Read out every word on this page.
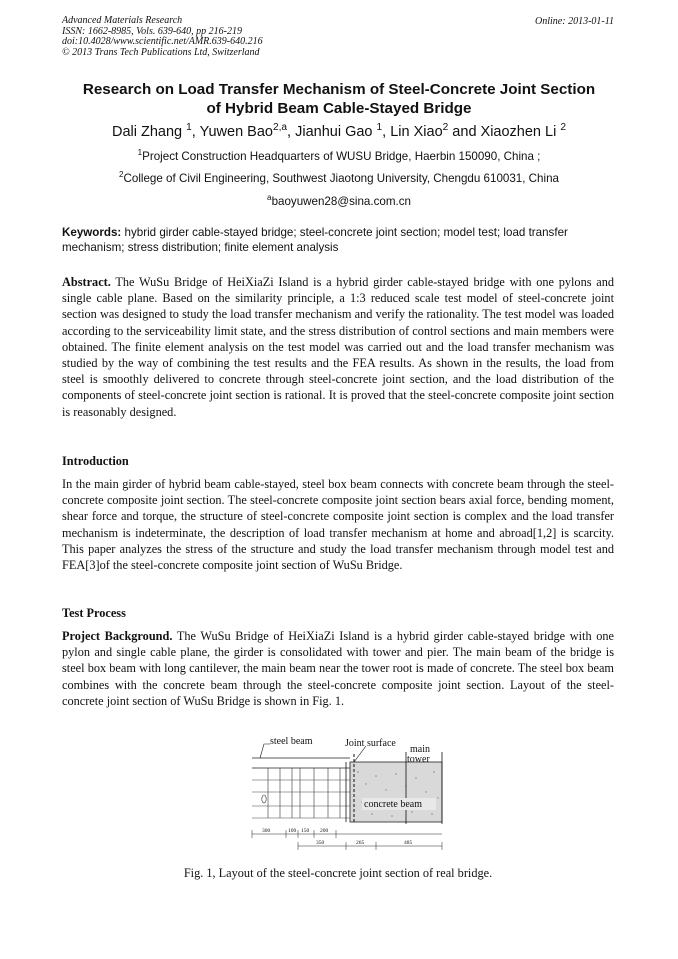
Advanced Materials Research
ISSN: 1662-8985, Vols. 639-640, pp 216-219
doi:10.4028/www.scientific.net/AMR.639-640.216
© 2013 Trans Tech Publications Ltd, Switzerland
Online: 2013-01-11
Research on Load Transfer Mechanism of Steel-Concrete Joint Section
of Hybrid Beam Cable-Stayed Bridge
Dali Zhang $^1$, Yuwen Bao$^{2,a}$, Jianhui Gao $^1$, Lin Xiao$^2$ and Xiaozhen Li $^2$
$^1$Project Construction Headquarters of WUSU Bridge, Haerbin 150090, China ;
$^2$College of Civil Engineering, Southwest Jiaotong University, Chengdu 610031, China
$^a$baoyuwen28@sina.com.cn
Keywords: hybrid girder cable-stayed bridge; steel-concrete joint section; model test; load transfer mechanism; stress distribution; finite element analysis
Abstract. The WuSu Bridge of HeiXiaZi Island is a hybrid girder cable-stayed bridge with one pylons and single cable plane. Based on the similarity principle, a 1:3 reduced scale test model of steel-concrete joint section was designed to study the load transfer mechanism and verify the rationality. The test model was loaded according to the serviceability limit state, and the stress distribution of control sections and main members were obtained. The finite element analysis on the test model was carried out and the load transfer mechanism was studied by the way of combining the test results and the FEA results. As shown in the results, the load from steel is smoothly delivered to concrete through steel-concrete joint section, and the load distribution of the components of steel-concrete joint section is rational. It is proved that the steel-concrete composite joint section is reasonably designed.
Introduction
In the main girder of hybrid beam cable-stayed, steel box beam connects with concrete beam through the steel-concrete composite joint section. The steel-concrete composite joint section bears axial force, bending moment, shear force and torque, the structure of steel-concrete composite joint section is complex and the load transfer mechanism is indeterminate, the description of load transfer mechanism at home and abroad[1,2] is scarcity. This paper analyzes the stress of the structure and study the load transfer mechanism through model test and FEA[3]of the steel-concrete composite joint section of WuSu Bridge.
Test Process
Project Background. The WuSu Bridge of HeiXiaZi Island is a hybrid girder cable-stayed bridge with one pylon and single cable plane, the girder is consolidated with tower and pier. The main beam of the bridge is steel box beam with long cantilever, the main beam near the tower root is made of concrete. The steel box beam combines with the concrete beam through the steel-concrete composite joint section. Layout of the steel-concrete joint section of WuSu Bridge is shown in Fig. 1.
steel beam	Joint surface
main
tower
concrete beam
300	100 150 200
350	265	485
Fig. 1, Layout of the steel-concrete joint section of real bridge.
